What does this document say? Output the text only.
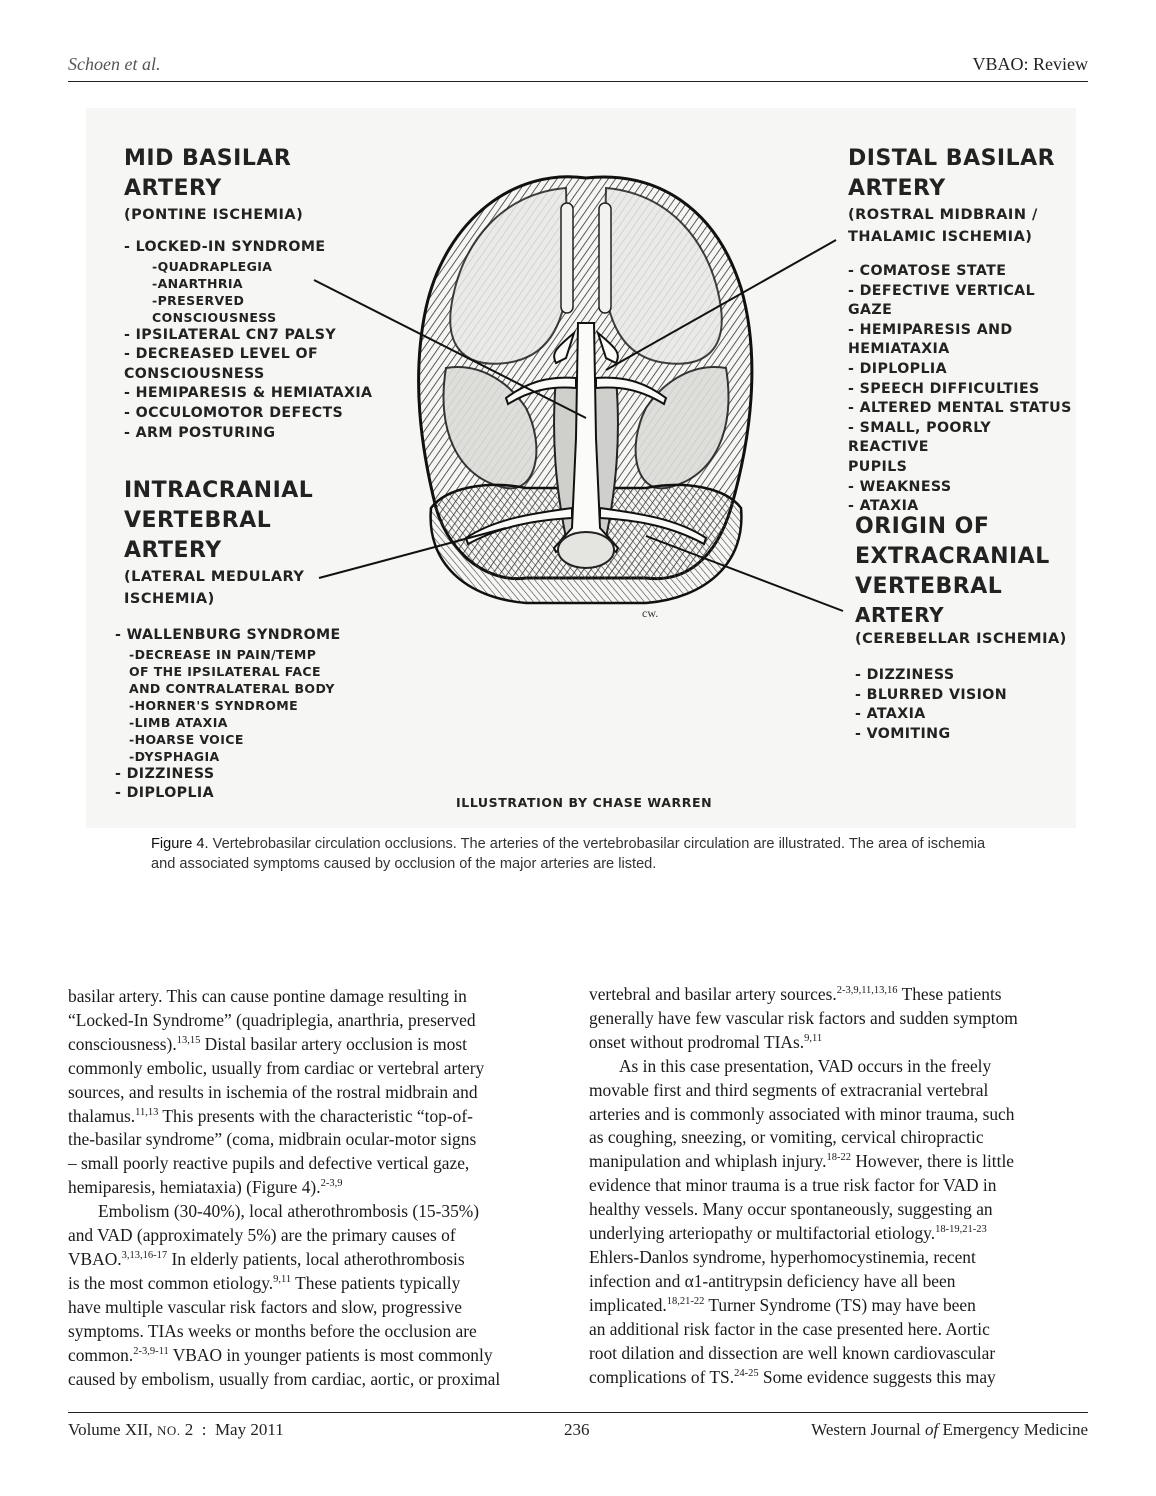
Schoen et al.	VBAO: Review
MID BASILAR
ARTERY
(PONTINE ISCHEMIA)
- LOCKED-IN SYNDROME
-QUADRAPLEGIA
-ANARTHRIA
-PRESERVED
CONSCIOUSNESS
- IPSILATERAL CN7 PALSY
- DECREASED LEVEL OF
CONSCIOUSNESS
- HEMIPARESIS & HEMIATAXIA
- OCCULOMOTOR DEFECTS
- ARM POSTURING
DISTAL BASILAR
ARTERY
(ROSTRAL MIDBRAIN /
THALAMIC ISCHEMIA)
- COMATOSE STATE
- DEFECTIVE VERTICAL GAZE
- HEMIPARESIS AND HEMIATAXIA
- DIPLOPLIA
- SPEECH DIFFICULTIES
- ALTERED MENTAL STATUS
- SMALL, POORLY REACTIVE
PUPILS
- WEAKNESS
- ATAXIA
INTRACRANIAL
VERTEBRAL
ARTERY
(LATERAL MEDULARY
ISCHEMIA)
- WALLENBURG SYNDROME
-DECREASE IN PAIN/TEMP
OF THE IPSILATERAL FACE
AND CONTRALATERAL BODY
-HORNER'S SYNDROME
-LIMB ATAXIA
-HOARSE VOICE
-DYSPHAGIA
- DIZZINESS
- DIPLOPLIA
ORIGIN OF
EXTRACRANIAL
VERTEBRAL
ARTERY
(CEREBELLAR ISCHEMIA)
- DIZZINESS
- BLURRED VISION
- ATAXIA
- VOMITING
cw.
ILLUSTRATION BY CHASE WARREN
Figure 4. Vertebrobasilar circulation occlusions. The arteries of the vertebrobasilar circulation are illustrated. The area of ischemia and associated symptoms caused by occlusion of the major arteries are listed.
basilar artery. This can cause pontine damage resulting in
“Locked-In Syndrome” (quadriplegia, anarthria, preserved
consciousness).$^{13,15}$ Distal basilar artery occlusion is most
commonly embolic, usually from cardiac or vertebral artery
sources, and results in ischemia of the rostral midbrain and
thalamus.$^{11,13}$ This presents with the characteristic “top-of-
the-basilar syndrome” (coma, midbrain ocular-motor signs
– small poorly reactive pupils and defective vertical gaze,
hemiparesis, hemiataxia) (Figure 4).$^{2-3,9}$
Embolism (30-40%), local atherothrombosis (15-35%)
and VAD (approximately 5%) are the primary causes of
VBAO.$^{3,13,16-17}$ In elderly patients, local atherothrombosis
is the most common etiology.$^{9,11}$ These patients typically
have multiple vascular risk factors and slow, progressive
symptoms. TIAs weeks or months before the occlusion are
common.$^{2-3,9-11}$ VBAO in younger patients is most commonly
caused by embolism, usually from cardiac, aortic, or proximal
vertebral and basilar artery sources.$^{2-3,9,11,13,16}$ These patients
generally have few vascular risk factors and sudden symptom
onset without prodromal TIAs.$^{9,11}$
As in this case presentation, VAD occurs in the freely
movable first and third segments of extracranial vertebral
arteries and is commonly associated with minor trauma, such
as coughing, sneezing, or vomiting, cervical chiropractic
manipulation and whiplash injury.$^{18-22}$ However, there is little
evidence that minor trauma is a true risk factor for VAD in
healthy vessels. Many occur spontaneously, suggesting an
underlying arteriopathy or multifactorial etiology.$^{18-19,21-23}$
Ehlers-Danlos syndrome, hyperhomocystinemia, recent
infection and α1-antitrypsin deficiency have all been
implicated.$^{18,21-22}$ Turner Syndrome (TS) may have been
an additional risk factor in the case presented here. Aortic
root dilation and dissection are well known cardiovascular
complications of TS.$^{24-25}$ Some evidence suggests this may
Volume XII, NO. 2  :  May 2011	236	Western Journal of Emergency Medicine
